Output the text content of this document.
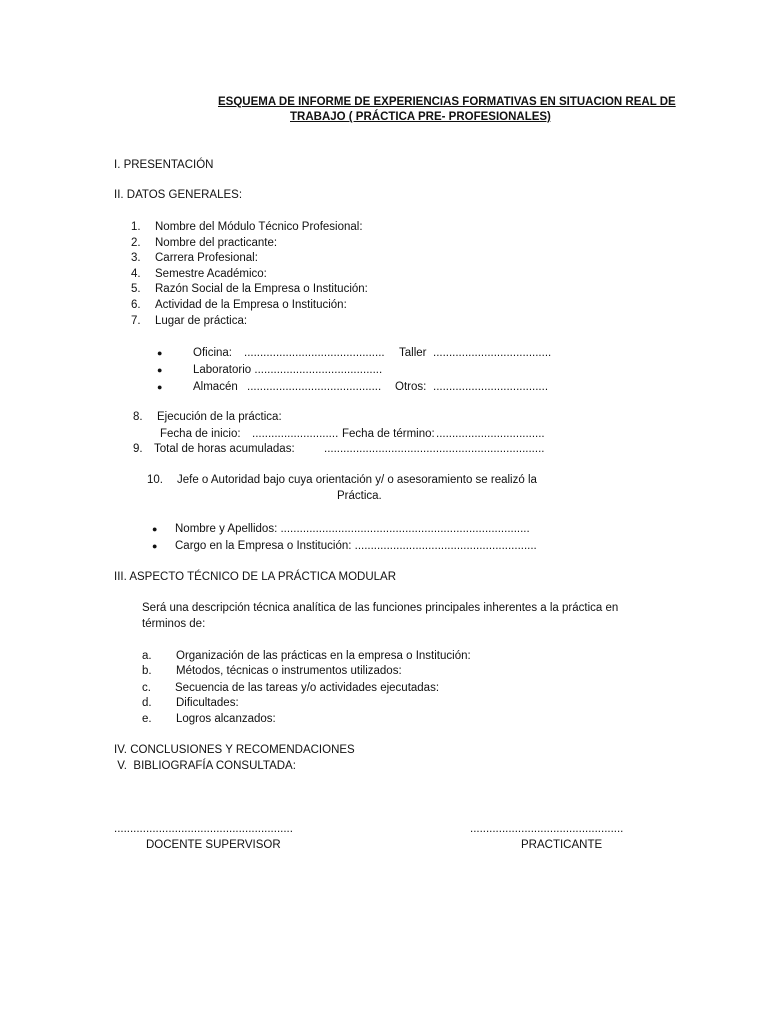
ESQUEMA DE INFORME DE EXPERIENCIAS FORMATIVAS EN SITUACION REAL DE
TRABAJO ( PRÁCTICA PRE- PROFESIONALES)
I. PRESENTACIÓN
II. DATOS GENERALES:
1. Nombre del Módulo Técnico Profesional:
2. Nombre del practicante:
3. Carrera Profesional:
4. Semestre Académico:
5. Razón Social de la Empresa o Institución:
6. Actividad de la Empresa o Institución:
7. Lugar de práctica:
●	Oficina: ............................................ Taller .....................................
●	Laboratorio ........................................
●	Almacén .......................................... Otros: ....................................
8. Ejecución de la práctica:
Fecha de inicio: ........................... Fecha de término: ..................................
9. Total de horas acumuladas:	.....................................................................
10. Jefe o Autoridad bajo cuya orientación y/ o asesoramiento se realizó la
Práctica.
● Nombre y Apellidos: ..............................................................................
● Cargo en la Empresa o Institución: .........................................................
III. ASPECTO TÉCNICO DE LA PRÁCTICA MODULAR
Será una descripción técnica analítica de las funciones principales inherentes a la práctica en
términos de:
a. Organización de las prácticas en la empresa o Institución:
b. Métodos, técnicas o instrumentos utilizados:
c. Secuencia de las tareas y/o actividades ejecutadas:
d. Dificultades:
e. Logros alcanzados:
IV. CONCLUSIONES Y RECOMENDACIONES
V.  BIBLIOGRAFÍA CONSULTADA:
........................................................
DOCENTE SUPERVISOR
................................................
PRACTICANTE
